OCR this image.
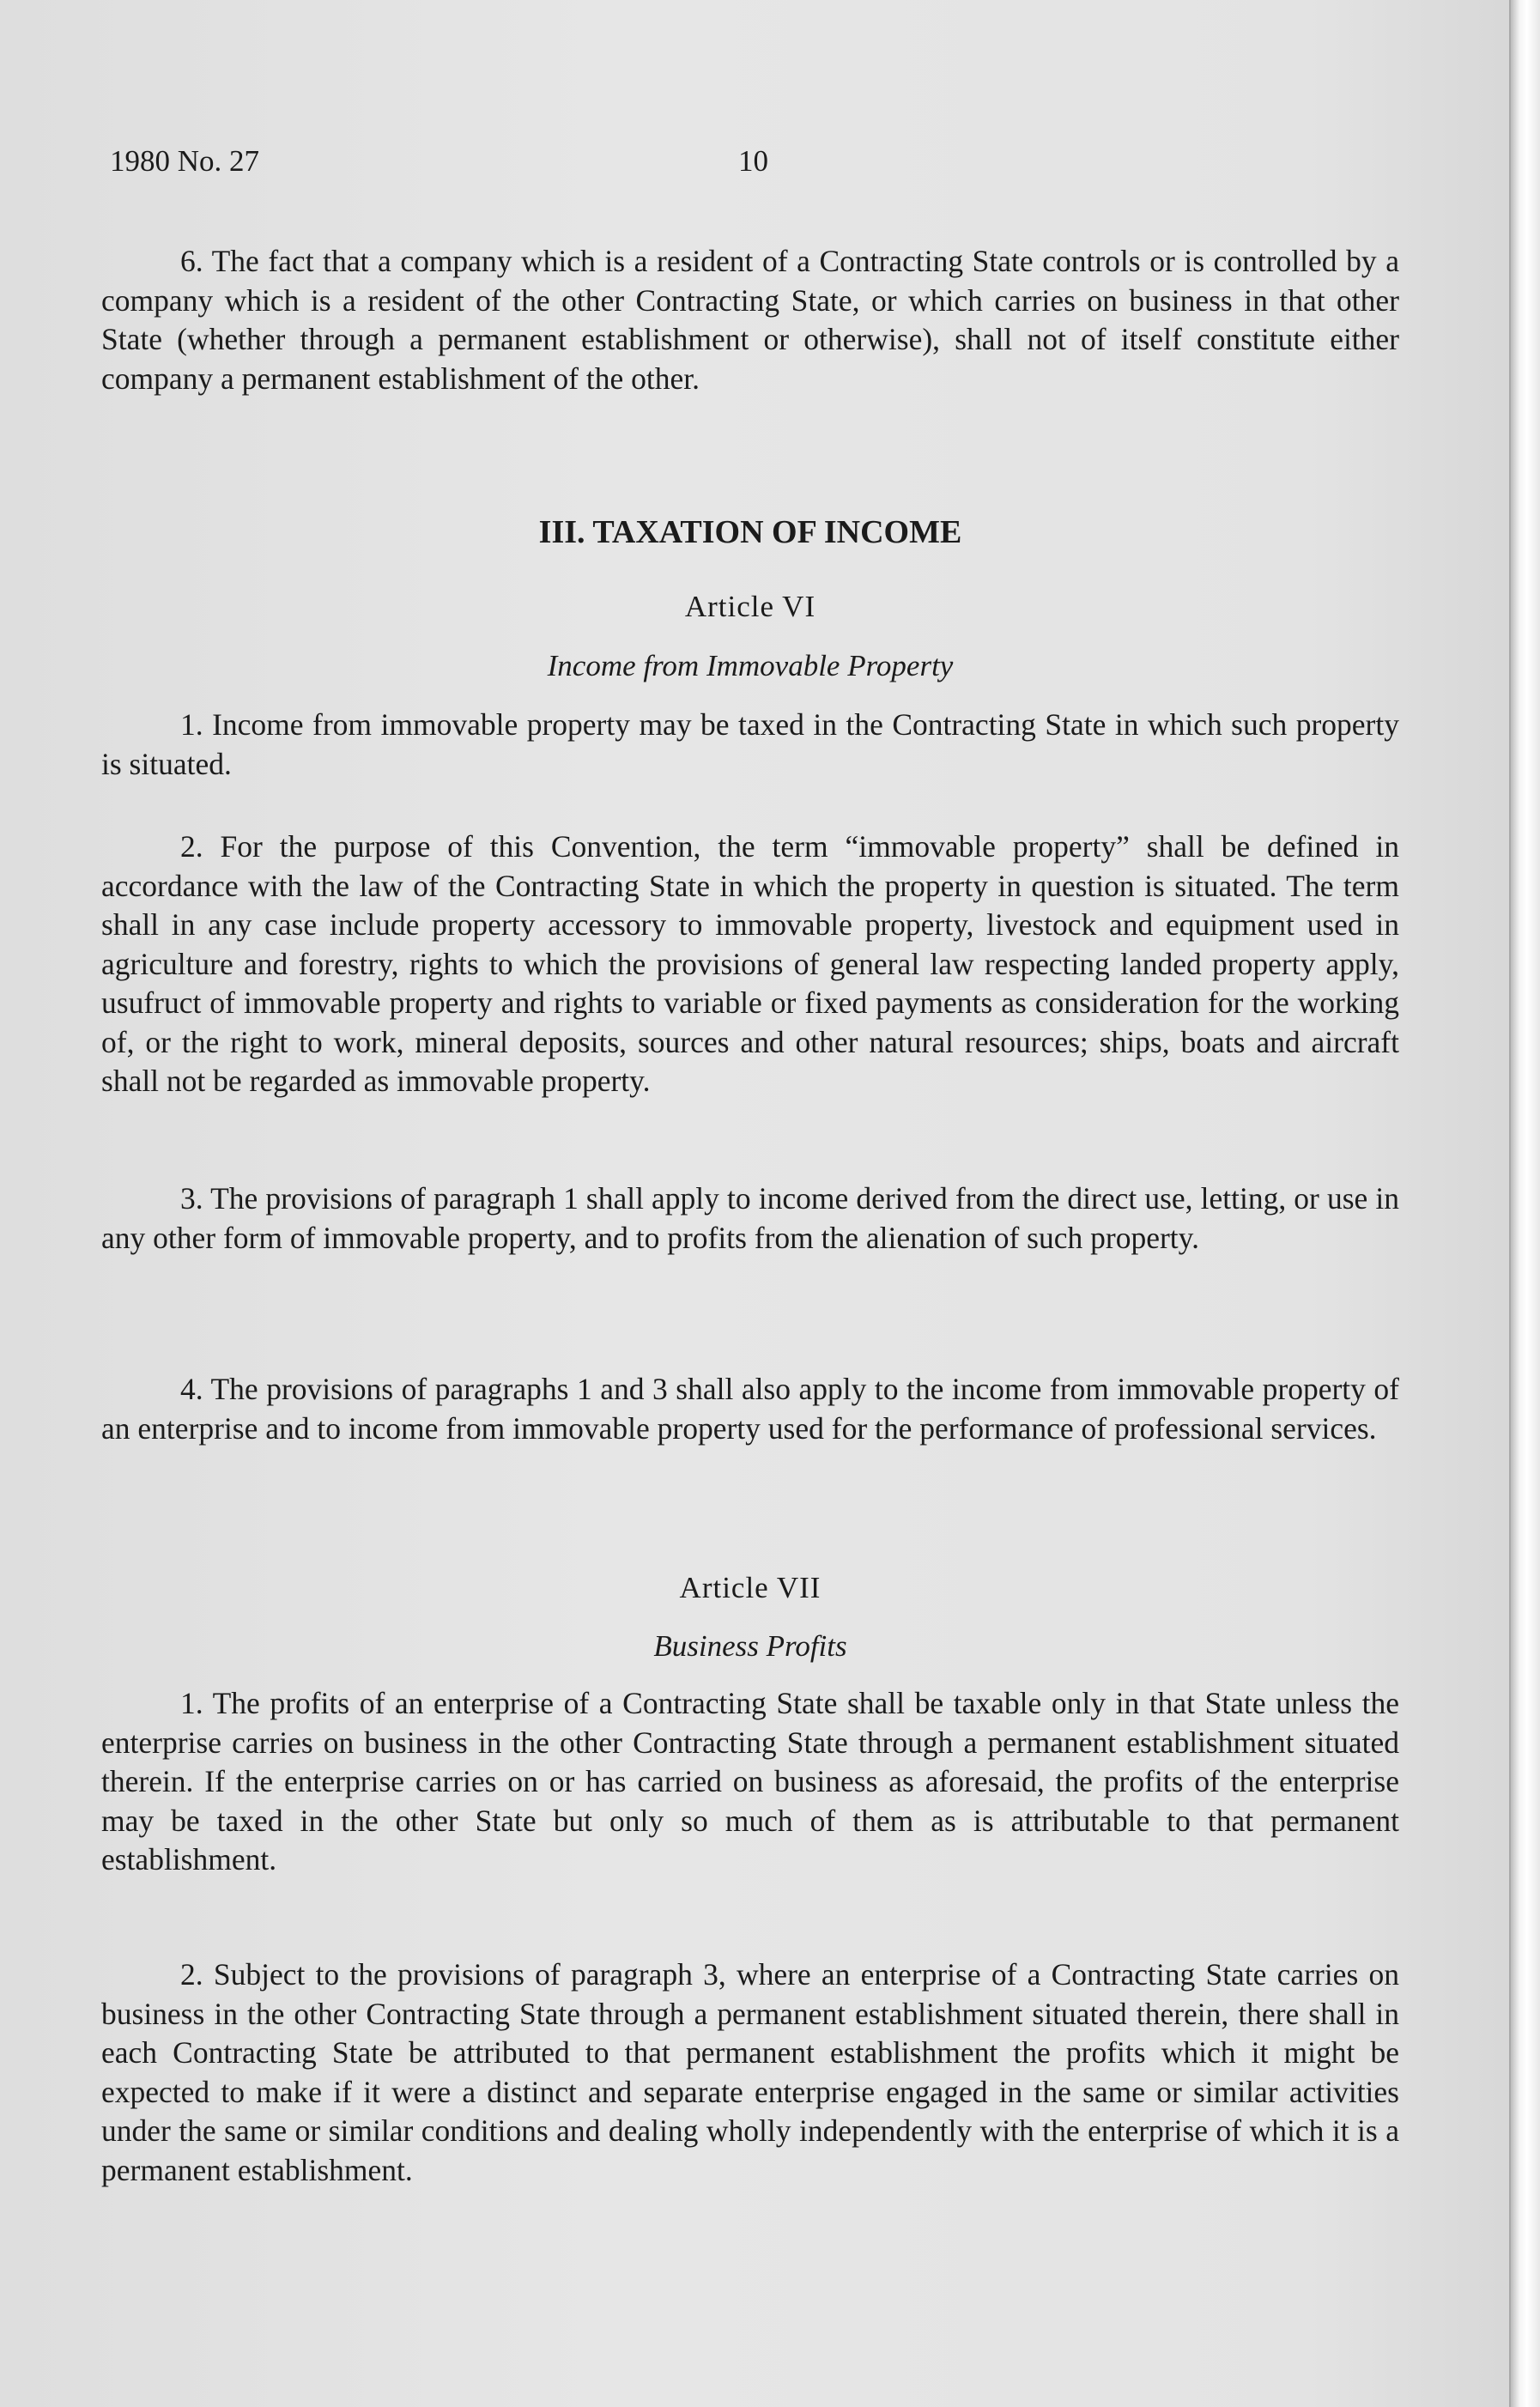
1980 No. 27	10

6. The fact that a company which is a resident of a Contracting State controls or is controlled by a company which is a resident of the other Contracting State, or which carries on business in that other State (whether through a permanent establishment or otherwise), shall not of itself constitute either company a permanent establishment of the other.

III. TAXATION OF INCOME
Article VI
Income from Immovable Property

1. Income from immovable property may be taxed in the Contracting State in which such property is situated.

2. For the purpose of this Convention, the term “immovable property” shall be defined in accordance with the law of the Contracting State in which the property in question is situated. The term shall in any case include property accessory to immovable property, livestock and equipment used in agriculture and forestry, rights to which the provisions of general law respecting landed property apply, usufruct of immovable property and rights to variable or fixed payments as consideration for the working of, or the right to work, mineral deposits, sources and other natural resources; ships, boats and aircraft shall not be regarded as immovable property.

3. The provisions of paragraph 1 shall apply to income derived from the direct use, letting, or use in any other form of immovable property, and to profits from the alienation of such property.

4. The provisions of paragraphs 1 and 3 shall also apply to the income from immovable property of an enterprise and to income from immovable property used for the performance of professional services.

Article VII
Business Profits

1. The profits of an enterprise of a Contracting State shall be taxable only in that State unless the enterprise carries on business in the other Contracting State through a permanent establishment situated therein. If the enterprise carries on or has carried on business as aforesaid, the profits of the enterprise may be taxed in the other State but only so much of them as is attributable to that permanent establishment.

2. Subject to the provisions of paragraph 3, where an enterprise of a Contracting State carries on business in the other Contracting State through a permanent establishment situated therein, there shall in each Contracting State be attributed to that permanent establishment the profits which it might be expected to make if it were a distinct and separate enterprise engaged in the same or similar activities under the same or similar conditions and dealing wholly independently with the enterprise of which it is a permanent establishment.
